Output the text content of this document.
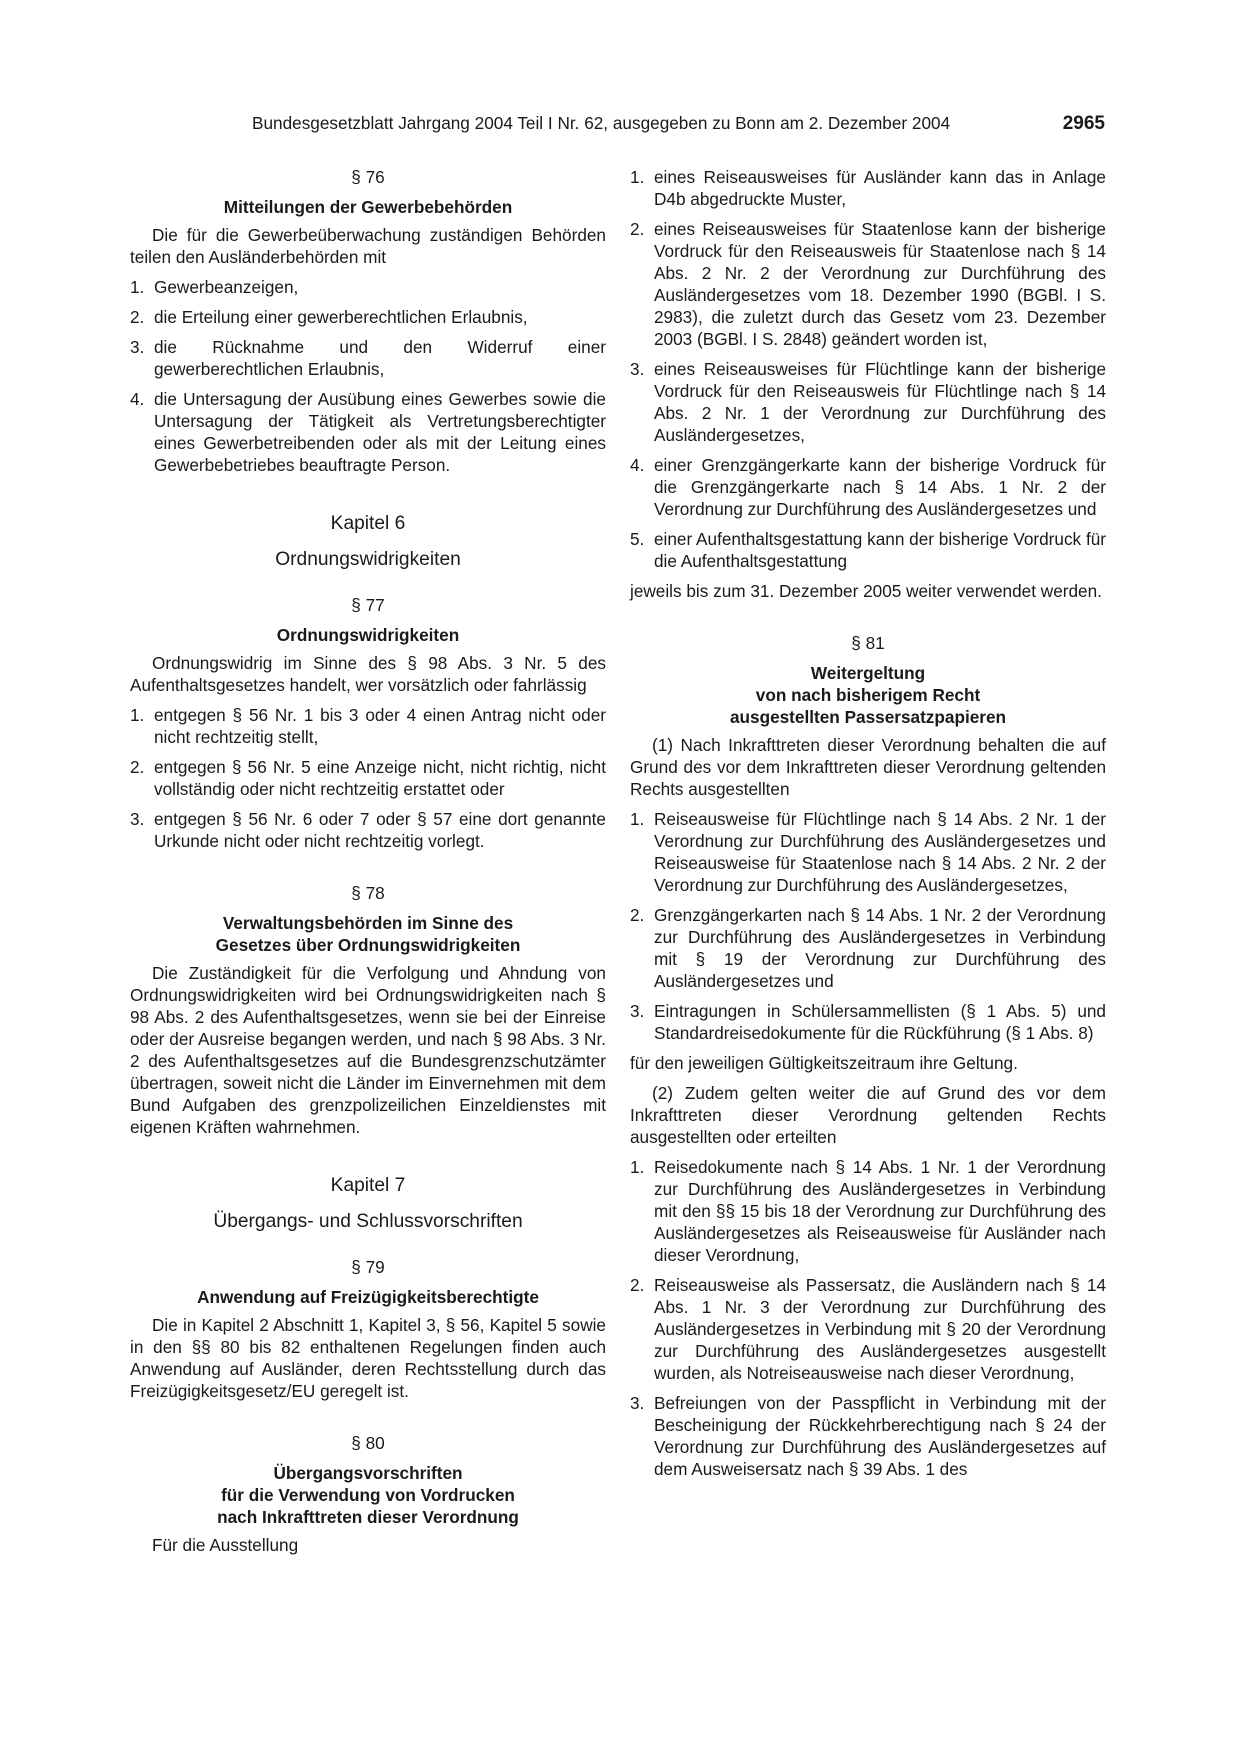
Bundesgesetzblatt Jahrgang 2004 Teil I Nr. 62, ausgegeben zu Bonn am 2. Dezember 2004	2965
§ 76
Mitteilungen der Gewerbebehörden

Die für die Gewerbeüberwachung zuständigen Behörden teilen den Ausländerbehörden mit

1. Gewerbeanzeigen,
2. die Erteilung einer gewerberechtlichen Erlaubnis,
3. die Rücknahme und den Widerruf einer gewerberechtlichen Erlaubnis,
4. die Untersagung der Ausübung eines Gewerbes sowie die Untersagung der Tätigkeit als Vertretungsberechtigter eines Gewerbetreibenden oder als mit der Leitung eines Gewerbebetriebes beauftragte Person.
Kapitel 6
Ordnungswidrigkeiten
§ 77
Ordnungswidrigkeiten

Ordnungswidrig im Sinne des § 98 Abs. 3 Nr. 5 des Aufenthaltsgesetzes handelt, wer vorsätzlich oder fahrlässig

1. entgegen § 56 Nr. 1 bis 3 oder 4 einen Antrag nicht oder nicht rechtzeitig stellt,
2. entgegen § 56 Nr. 5 eine Anzeige nicht, nicht richtig, nicht vollständig oder nicht rechtzeitig erstattet oder
3. entgegen § 56 Nr. 6 oder 7 oder § 57 eine dort genannte Urkunde nicht oder nicht rechtzeitig vorlegt.
§ 78
Verwaltungsbehörden im Sinne des
Gesetzes über Ordnungswidrigkeiten

Die Zuständigkeit für die Verfolgung und Ahndung von Ordnungswidrigkeiten wird bei Ordnungswidrigkeiten nach § 98 Abs. 2 des Aufenthaltsgesetzes, wenn sie bei der Einreise oder der Ausreise begangen werden, und nach § 98 Abs. 3 Nr. 2 des Aufenthaltsgesetzes auf die Bundesgrenzschutzämter übertragen, soweit nicht die Länder im Einvernehmen mit dem Bund Aufgaben des grenzpolizeilichen Einzeldienstes mit eigenen Kräften wahrnehmen.

Kapitel 7
Übergangs- und Schlussvorschriften
§ 79
Anwendung auf Freizügigkeitsberechtigte

Die in Kapitel 2 Abschnitt 1, Kapitel 3, § 56, Kapitel 5 sowie in den §§ 80 bis 82 enthaltenen Regelungen finden auch Anwendung auf Ausländer, deren Rechtsstellung durch das Freizügigkeitsgesetz/EU geregelt ist.

§ 80
Übergangsvorschriften
für die Verwendung von Vordrucken
nach Inkrafttreten dieser Verordnung

Für die Ausstellung

1. eines Reiseausweises für Ausländer kann das in Anlage D4b abgedruckte Muster,
2. eines Reiseausweises für Staatenlose kann der bisherige Vordruck für den Reiseausweis für Staatenlose nach § 14 Abs. 2 Nr. 2 der Verordnung zur Durchführung des Ausländergesetzes vom 18. Dezember 1990 (BGBl. I S. 2983), die zuletzt durch das Gesetz vom 23. Dezember 2003 (BGBl. I S. 2848) geändert worden ist,
3. eines Reiseausweises für Flüchtlinge kann der bisherige Vordruck für den Reiseausweis für Flüchtlinge nach § 14 Abs. 2 Nr. 1 der Verordnung zur Durchführung des Ausländergesetzes,
4. einer Grenzgängerkarte kann der bisherige Vordruck für die Grenzgängerkarte nach § 14 Abs. 1 Nr. 2 der Verordnung zur Durchführung des Ausländergesetzes und
5. einer Aufenthaltsgestattung kann der bisherige Vordruck für die Aufenthaltsgestattung

jeweils bis zum 31. Dezember 2005 weiter verwendet werden.

§ 81
Weitergeltung
von nach bisherigem Recht
ausgestellten Passersatzpapieren

(1) Nach Inkrafttreten dieser Verordnung behalten die auf Grund des vor dem Inkrafttreten dieser Verordnung geltenden Rechts ausgestellten

1. Reiseausweise für Flüchtlinge nach § 14 Abs. 2 Nr. 1 der Verordnung zur Durchführung des Ausländergesetzes und Reiseausweise für Staatenlose nach § 14 Abs. 2 Nr. 2 der Verordnung zur Durchführung des Ausländergesetzes,
2. Grenzgängerkarten nach § 14 Abs. 1 Nr. 2 der Verordnung zur Durchführung des Ausländergesetzes in Verbindung mit § 19 der Verordnung zur Durchführung des Ausländergesetzes und
3. Eintragungen in Schülersammellisten (§ 1 Abs. 5) und Standardreisedokumente für die Rückführung (§ 1 Abs. 8)

für den jeweiligen Gültigkeitszeitraum ihre Geltung.

(2) Zudem gelten weiter die auf Grund des vor dem Inkrafttreten dieser Verordnung geltenden Rechts ausgestellten oder erteilten

1. Reisedokumente nach § 14 Abs. 1 Nr. 1 der Verordnung zur Durchführung des Ausländergesetzes in Verbindung mit den §§ 15 bis 18 der Verordnung zur Durchführung des Ausländergesetzes als Reiseausweise für Ausländer nach dieser Verordnung,
2. Reiseausweise als Passersatz, die Ausländern nach § 14 Abs. 1 Nr. 3 der Verordnung zur Durchführung des Ausländergesetzes in Verbindung mit § 20 der Verordnung zur Durchführung des Ausländergesetzes ausgestellt wurden, als Notreiseausweise nach dieser Verordnung,
3. Befreiungen von der Passpflicht in Verbindung mit der Bescheinigung der Rückkehrberechtigung nach § 24 der Verordnung zur Durchführung des Ausländergesetzes auf dem Ausweisersatz nach § 39 Abs. 1 des
